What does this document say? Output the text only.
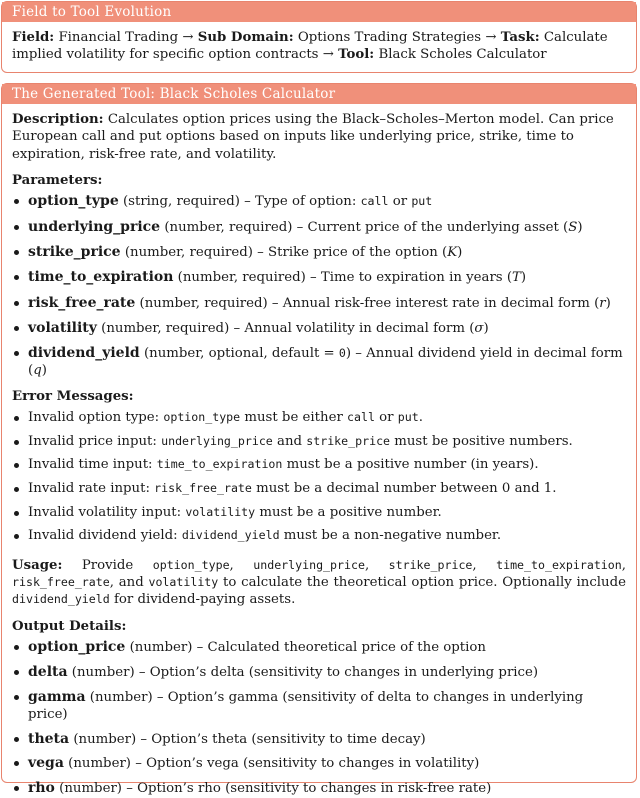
Field to Tool Evolution
Field: Financial Trading → Sub Domain: Options Trading Strategies → Task: Calculate implied volatility for specific option contracts → Tool: Black Scholes Calculator
The Generated Tool: Black Scholes Calculator
Description: Calculates option prices using the Black–Scholes–Merton model. Can price European call and put options based on inputs like underlying price, strike, time to expiration, risk-free rate, and volatility.
Parameters:
option_type (string, required) – Type of option: call or put
underlying_price (number, required) – Current price of the underlying asset (S)
strike_price (number, required) – Strike price of the option (K)
time_to_expiration (number, required) – Time to expiration in years (T)
risk_free_rate (number, required) – Annual risk-free interest rate in decimal form (r)
volatility (number, required) – Annual volatility in decimal form (σ)
dividend_yield (number, optional, default = 0) – Annual dividend yield in decimal form (q)
Error Messages:
Invalid option type: option_type must be either call or put.
Invalid price input: underlying_price and strike_price must be positive numbers.
Invalid time input: time_to_expiration must be a positive number (in years).
Invalid rate input: risk_free_rate must be a decimal number between 0 and 1.
Invalid volatility input: volatility must be a positive number.
Invalid dividend yield: dividend_yield must be a non-negative number.
Usage: Provide option_type, underlying_price, strike_price, time_to_expiration, risk_free_rate, and volatility to calculate the theoretical option price. Optionally include dividend_yield for dividend-paying assets.
Output Details:
option_price (number) – Calculated theoretical price of the option
delta (number) – Option’s delta (sensitivity to changes in underlying price)
gamma (number) – Option’s gamma (sensitivity of delta to changes in underlying price)
theta (number) – Option’s theta (sensitivity to time decay)
vega (number) – Option’s vega (sensitivity to changes in volatility)
rho (number) – Option’s rho (sensitivity to changes in risk-free rate)
